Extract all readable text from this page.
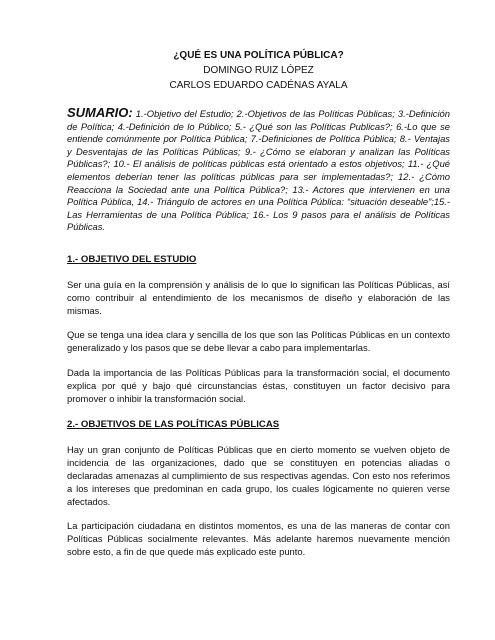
¿QUÉ ES UNA POLÍTICA PÚBLICA?
DOMINGO RUIZ LÓPEZ
CARLOS EDUARDO CADÉNAS AYALA
SUMARIO: 1.-Objetivo del Estudio; 2.-Objetivos de las Políticas Públicas; 3.-Definición de Política; 4.-Definición de lo Público; 5.- ¿Qué son las Políticas Publicas?; 6.-Lo que se entiende comúnmente por Política Pública; 7.-Definiciones de Política Pública; 8.- Ventajas y Desventajas de las Políticas Públicas; 9.- ¿Cómo se elaboran y analizan las Políticas Públicas?; 10.- El análisis de políticas públicas está orientado a estos objetivos; 11.- ¿Qué elementos deberían tener las políticas públicas para ser implementadas?; 12.- ¿Cómo Reacciona la Sociedad ante una Política Pública?; 13.- Actores que intervienen en una Política Pública, 14.- Triángulo de actores en una Política Pública: “situación deseable”;15.- Las Herramientas de una Política Pública; 16.- Los 9 pasos para el análisis de Políticas Públicas.
1.- OBJETIVO DEL ESTUDIO

Ser una guía en la comprensión y análisis de lo que lo significan las Políticas Públicas, así como contribuir al entendimiento de los mecanismos de diseño y elaboración de las mismas.

Que se tenga una idea clara y sencilla de los que son las Políticas Públicas en un contexto generalizado y los pasos que se debe llevar a cabo para implementarlas.

Dada la importancia de las Políticas Públicas para la transformación social, el documento explica por qué y bajo qué circunstancias éstas, constituyen un factor decisivo para promover o inhibir la transformación social.

2.- OBJETIVOS DE LAS POLÍTICAS PÚBLICAS

Hay un gran conjunto de Políticas Públicas que en cierto momento se vuelven objeto de incidencia de las organizaciones, dado que se constituyen en potencias aliadas o declaradas amenazas al cumplimiento de sus respectivas agendas. Con esto nos referimos a los intereses que predominan en cada grupo, los cuales lógicamente no quieren verse afectados.

La participación ciudadana en distintos momentos, es una de las maneras de contar con Políticas Públicas socialmente relevantes. Más adelante haremos nuevamente mención sobre esto, a fin de que quede más explicado este punto.
